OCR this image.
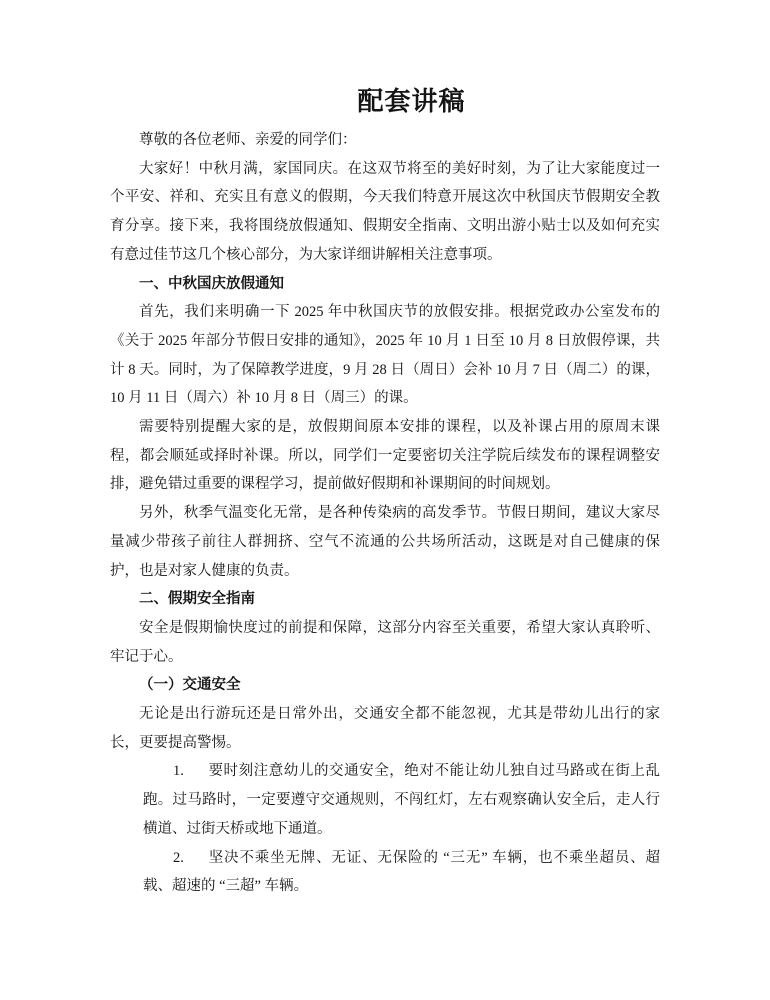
配套讲稿

尊敬的各位老师、亲爱的同学们：

大家好！中秋月满，家国同庆。在这双节将至的美好时刻，为了让大家能度过一个平安、祥和、充实且有意义的假期，今天我们特意开展这次中秋国庆节假期安全教育分享。接下来，我将围绕放假通知、假期安全指南、文明出游小贴士以及如何充实有意过佳节这几个核心部分，为大家详细讲解相关注意事项。

一、中秋国庆放假通知

首先，我们来明确一下 2025 年中秋国庆节的放假安排。根据党政办公室发布的《关于 2025 年部分节假日安排的通知》，2025 年 10 月 1 日至 10 月 8 日放假停课，共计 8 天。同时，为了保障教学进度，9 月 28 日（周日）会补 10 月 7 日（周二）的课，10 月 11 日（周六）补 10 月 8 日（周三）的课。

需要特别提醒大家的是，放假期间原本安排的课程，以及补课占用的原周末课程，都会顺延或择时补课。所以，同学们一定要密切关注学院后续发布的课程调整安排，避免错过重要的课程学习，提前做好假期和补课期间的时间规划。

另外，秋季气温变化无常，是各种传染病的高发季节。节假日期间，建议大家尽量减少带孩子前往人群拥挤、空气不流通的公共场所活动，这既是对自己健康的保护，也是对家人健康的负责。

二、假期安全指南

安全是假期愉快度过的前提和保障，这部分内容至关重要，希望大家认真聆听、牢记于心。

（一）交通安全

无论是出行游玩还是日常外出，交通安全都不能忽视，尤其是带幼儿出行的家长，更要提高警惕。

1. 要时刻注意幼儿的交通安全，绝对不能让幼儿独自过马路或在街上乱跑。过马路时，一定要遵守交通规则，不闯红灯，左右观察确认安全后，走人行横道、过街天桥或地下通道。

2. 坚决不乘坐无牌、无证、无保险的 “三无” 车辆，也不乘坐超员、超载、超速的 “三超” 车辆。
